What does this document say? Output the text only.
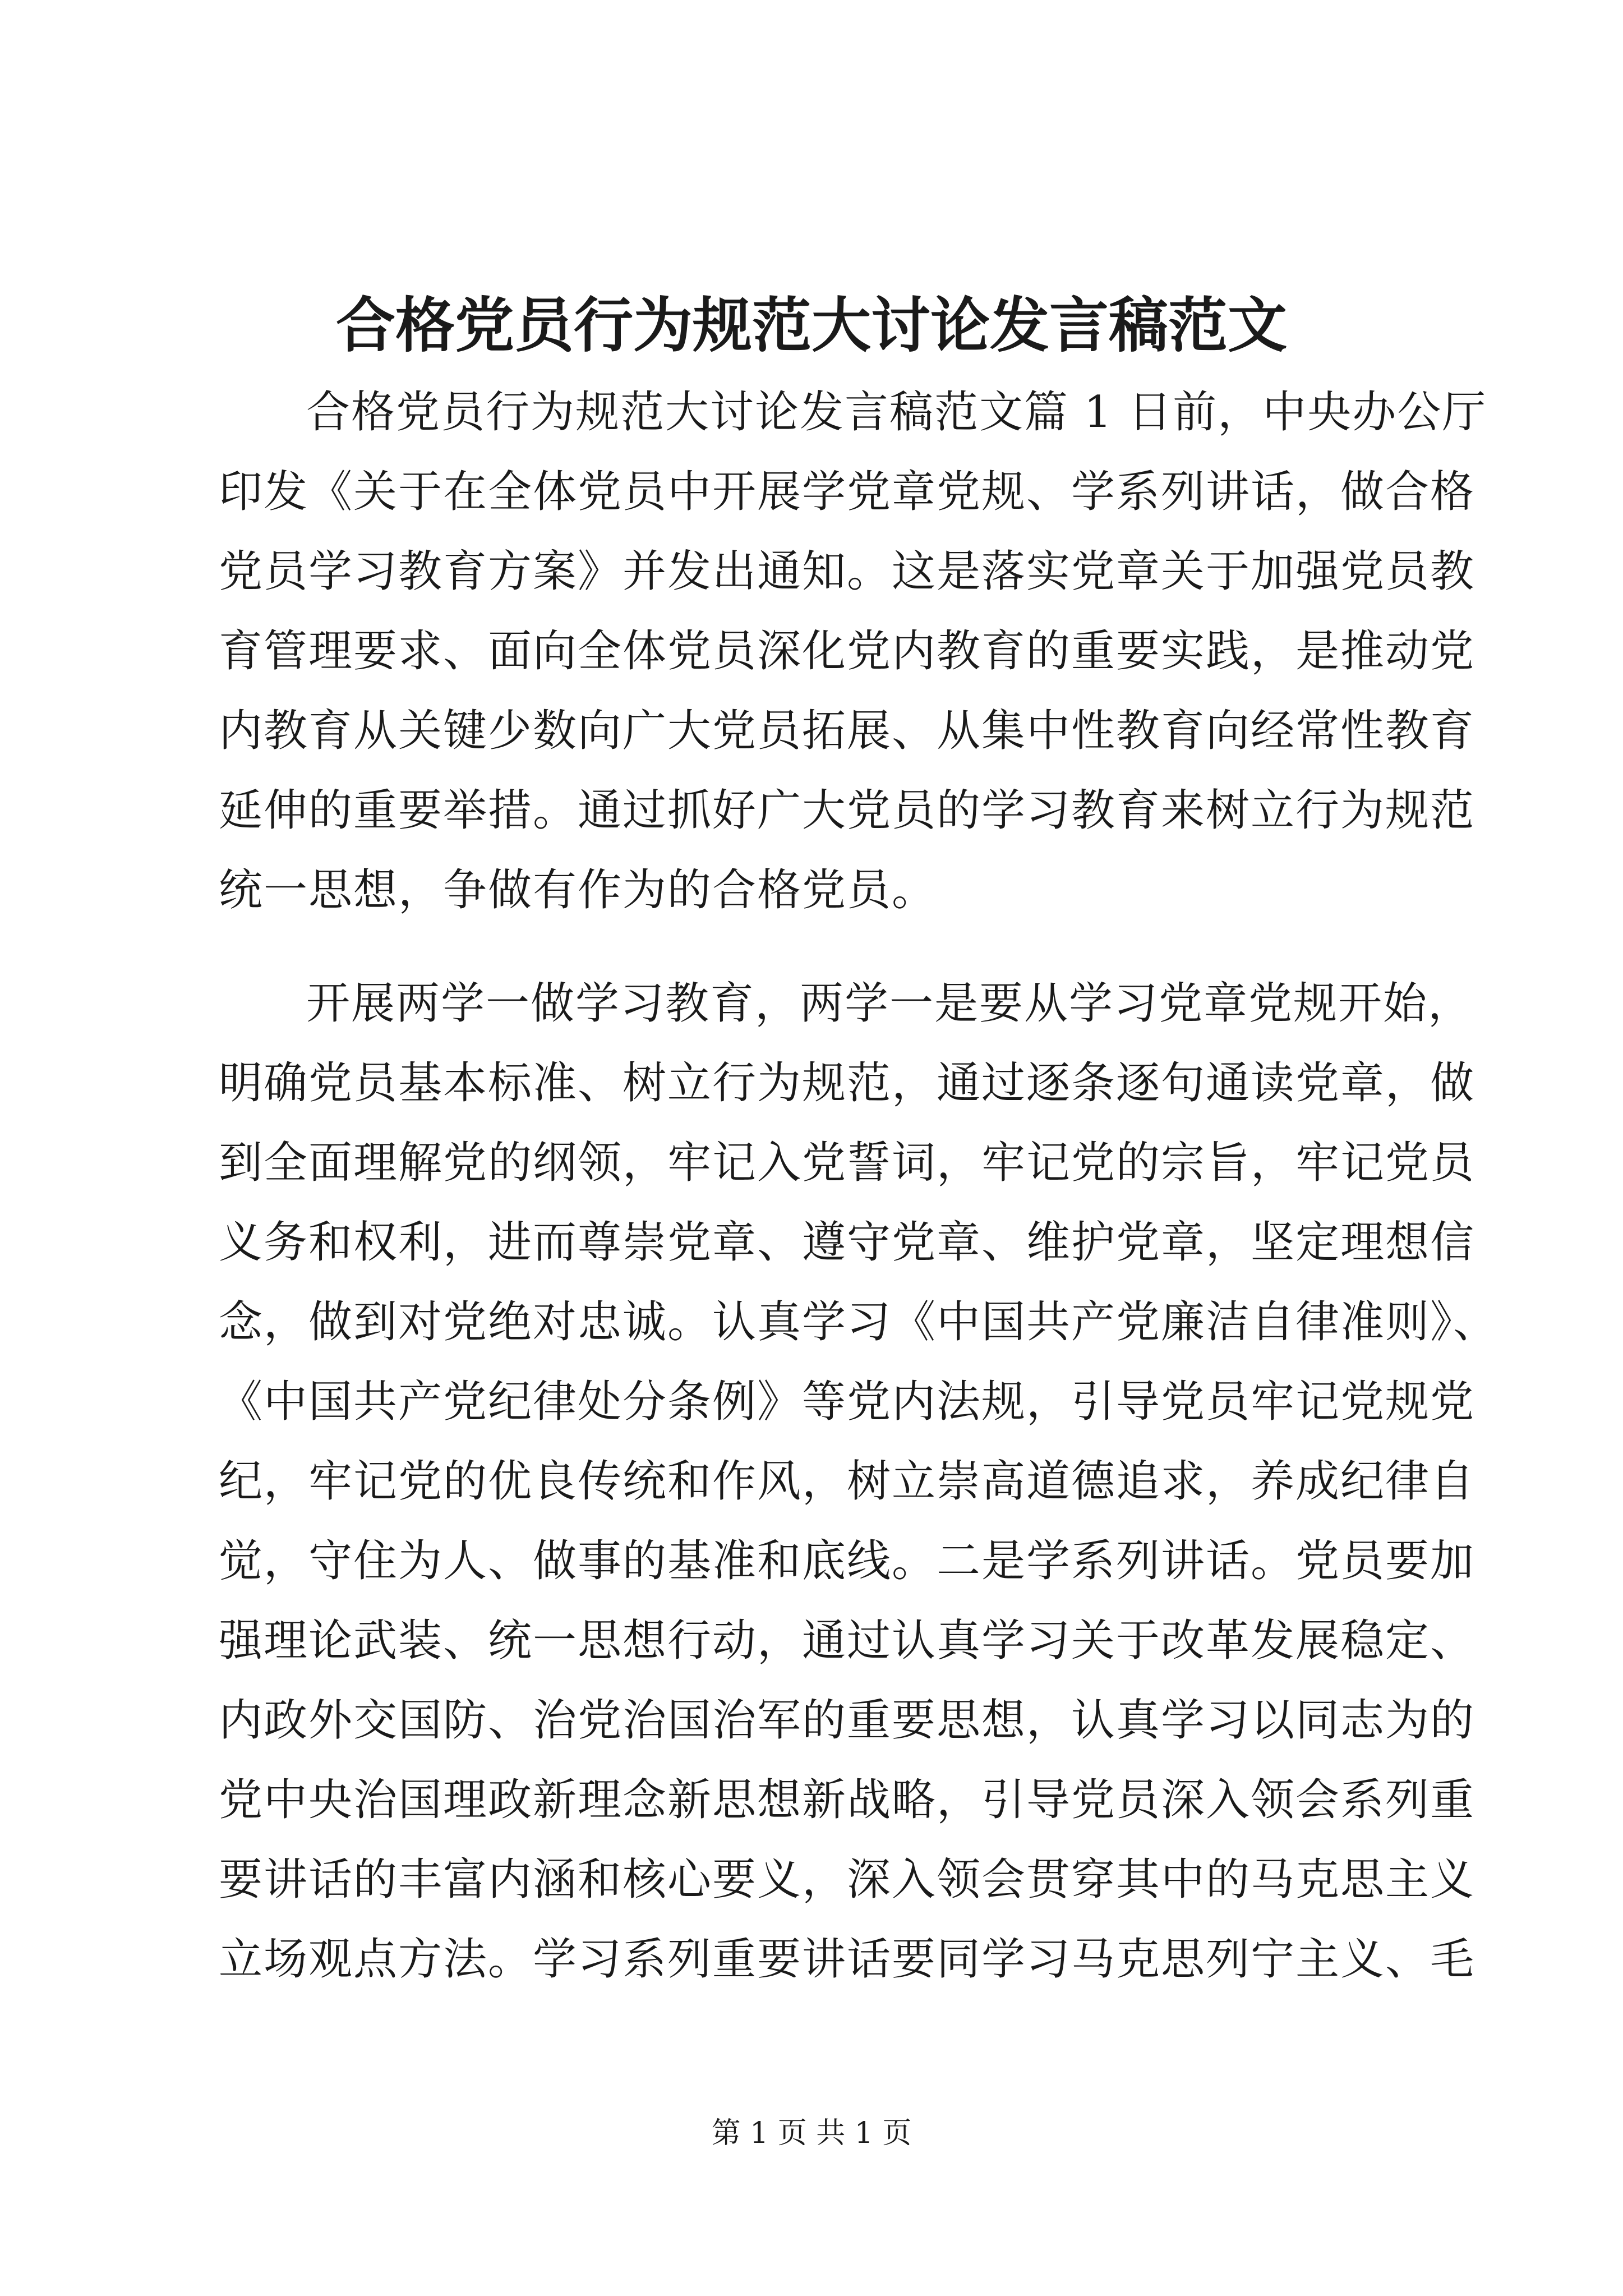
合格党员行为规范大讨论发言稿范文
合格党员行为规范大讨论发言稿范文篇 1 日前，中央办公厅
印发《关于在全体党员中开展学党章党规、学系列讲话，做合格
党员学习教育方案》并发出通知。这是落实党章关于加强党员教
育管理要求、面向全体党员深化党内教育的重要实践，是推动党
内教育从关键少数向广大党员拓展、从集中性教育向经常性教育
延伸的重要举措。通过抓好广大党员的学习教育来树立行为规范
统一思想，争做有作为的合格党员。
开展两学一做学习教育，两学一是要从学习党章党规开始，
明确党员基本标准、树立行为规范，通过逐条逐句通读党章，做
到全面理解党的纲领，牢记入党誓词，牢记党的宗旨，牢记党员
义务和权利，进而尊崇党章、遵守党章、维护党章，坚定理想信
念，做到对党绝对忠诚。认真学习《中国共产党廉洁自律准则》、
《中国共产党纪律处分条例》等党内法规，引导党员牢记党规党
纪，牢记党的优良传统和作风，树立崇高道德追求，养成纪律自
觉，守住为人、做事的基准和底线。二是学系列讲话。党员要加
强理论武装、统一思想行动，通过认真学习关于改革发展稳定、
内政外交国防、治党治国治军的重要思想，认真学习以同志为的
党中央治国理政新理念新思想新战略，引导党员深入领会系列重
要讲话的丰富内涵和核心要义，深入领会贯穿其中的马克思主义
立场观点方法。学习系列重要讲话要同学习马克思列宁主义、毛
第 1 页 共 1 页
